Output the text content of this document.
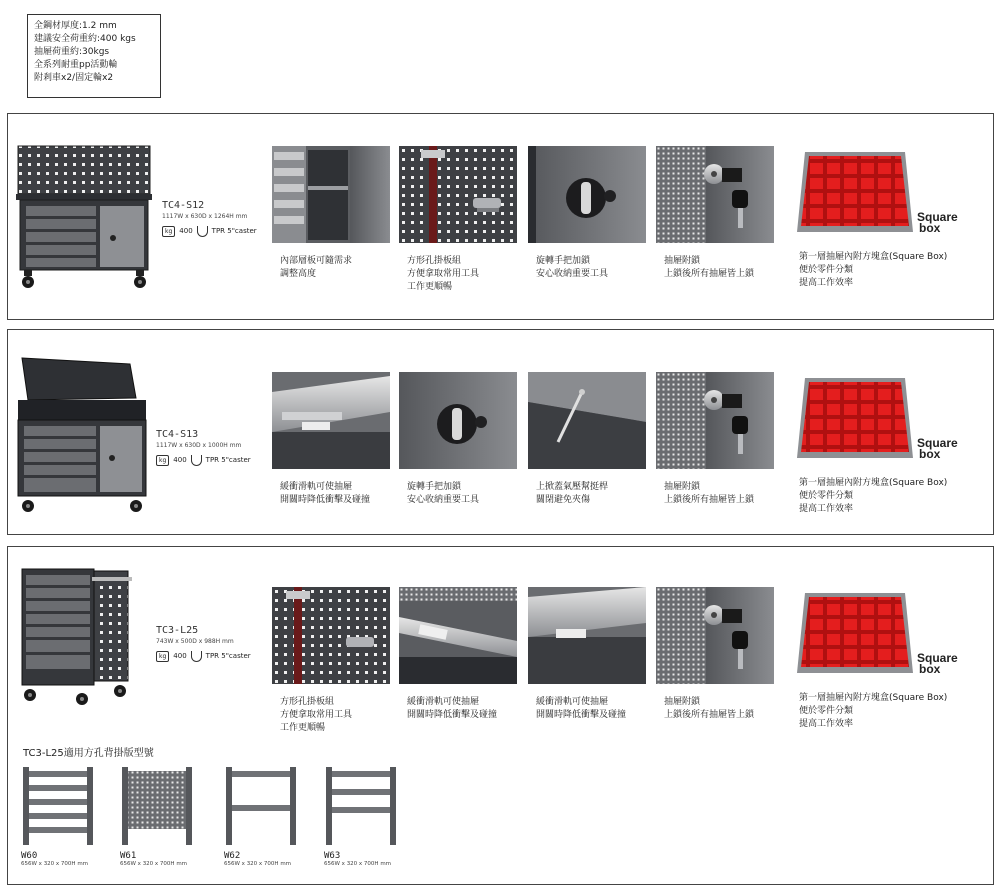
全鋼材厚度:1.2 mm
建議安全荷重約:400 kgs
抽屜荷重約:30kgs
全系列耐重pp活動輪
附剎車x2/固定輪x2
TC4-S12
1117W x 630D x 1264H mm
kg	400	TPR 5"caster
內部層板可隨需求
調整高度
方形孔掛板組
方便拿取常用工具
工作更順暢
旋轉手把加鎖
安心收納重要工具
抽屜附鎖
上鎖後所有抽屜皆上鎖
Square
box
第一層抽屜內附方塊盒(Square Box)
便於零件分類
提高工作效率
TC4-S13
1117W x 630D x 1000H mm
kg	400	TPR 5"caster
緩衝滑軌可使抽屜
開關時降低衝擊及碰撞
旋轉手把加鎖
安心收納重要工具
上掀蓋氣壓幫挺桿
關閉避免夾傷
抽屜附鎖
上鎖後所有抽屜皆上鎖
Square
box
第一層抽屜內附方塊盒(Square Box)
便於零件分類
提高工作效率
TC3-L25
743W x 500D x 988H mm
kg	400	TPR 5"caster
方形孔掛板組
方便拿取常用工具
工作更順暢
緩衝滑軌可使抽屜
開關時降低衝擊及碰撞
緩衝滑軌可使抽屜
開關時降低衝擊及碰撞
抽屜附鎖
上鎖後所有抽屜皆上鎖
Square
box
第一層抽屜內附方塊盒(Square Box)
便於零件分類
提高工作效率
TC3-L25適用方孔背掛版型號
W60
656W x 320 x 700H mm
W61
656W x 320 x 700H mm
W62
656W x 320 x 700H mm
W63
656W x 320 x 700H mm
